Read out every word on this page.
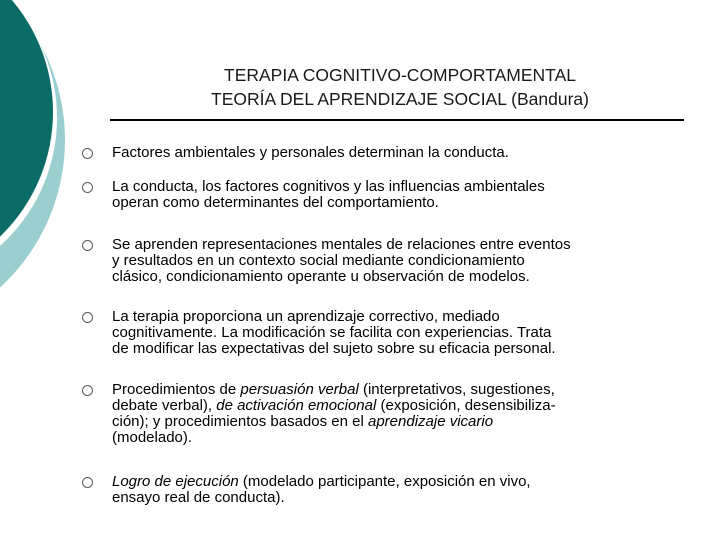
TERAPIA COGNITIVO-COMPORTAMENTAL
TEORÍA DEL APRENDIZAJE SOCIAL (Bandura)
Factores ambientales y personales determinan la conducta.
La conducta, los factores cognitivos y las influencias ambientales
operan como determinantes del comportamiento.
Se aprenden representaciones mentales de relaciones entre eventos
y resultados en un contexto social mediante condicionamiento
clásico, condicionamiento operante u observación de modelos.
La terapia proporciona un aprendizaje correctivo, mediado
cognitivamente. La modificación se facilita con experiencias. Trata
de modificar las expectativas del sujeto sobre su eficacia personal.
Procedimientos de persuasión verbal (interpretativos, sugestiones,
debate verbal), de activación emocional (exposición, desensibiliza-
ción); y procedimientos basados en el aprendizaje vicario
(modelado).
Logro de ejecución (modelado participante, exposición en vivo,
ensayo real de conducta).
